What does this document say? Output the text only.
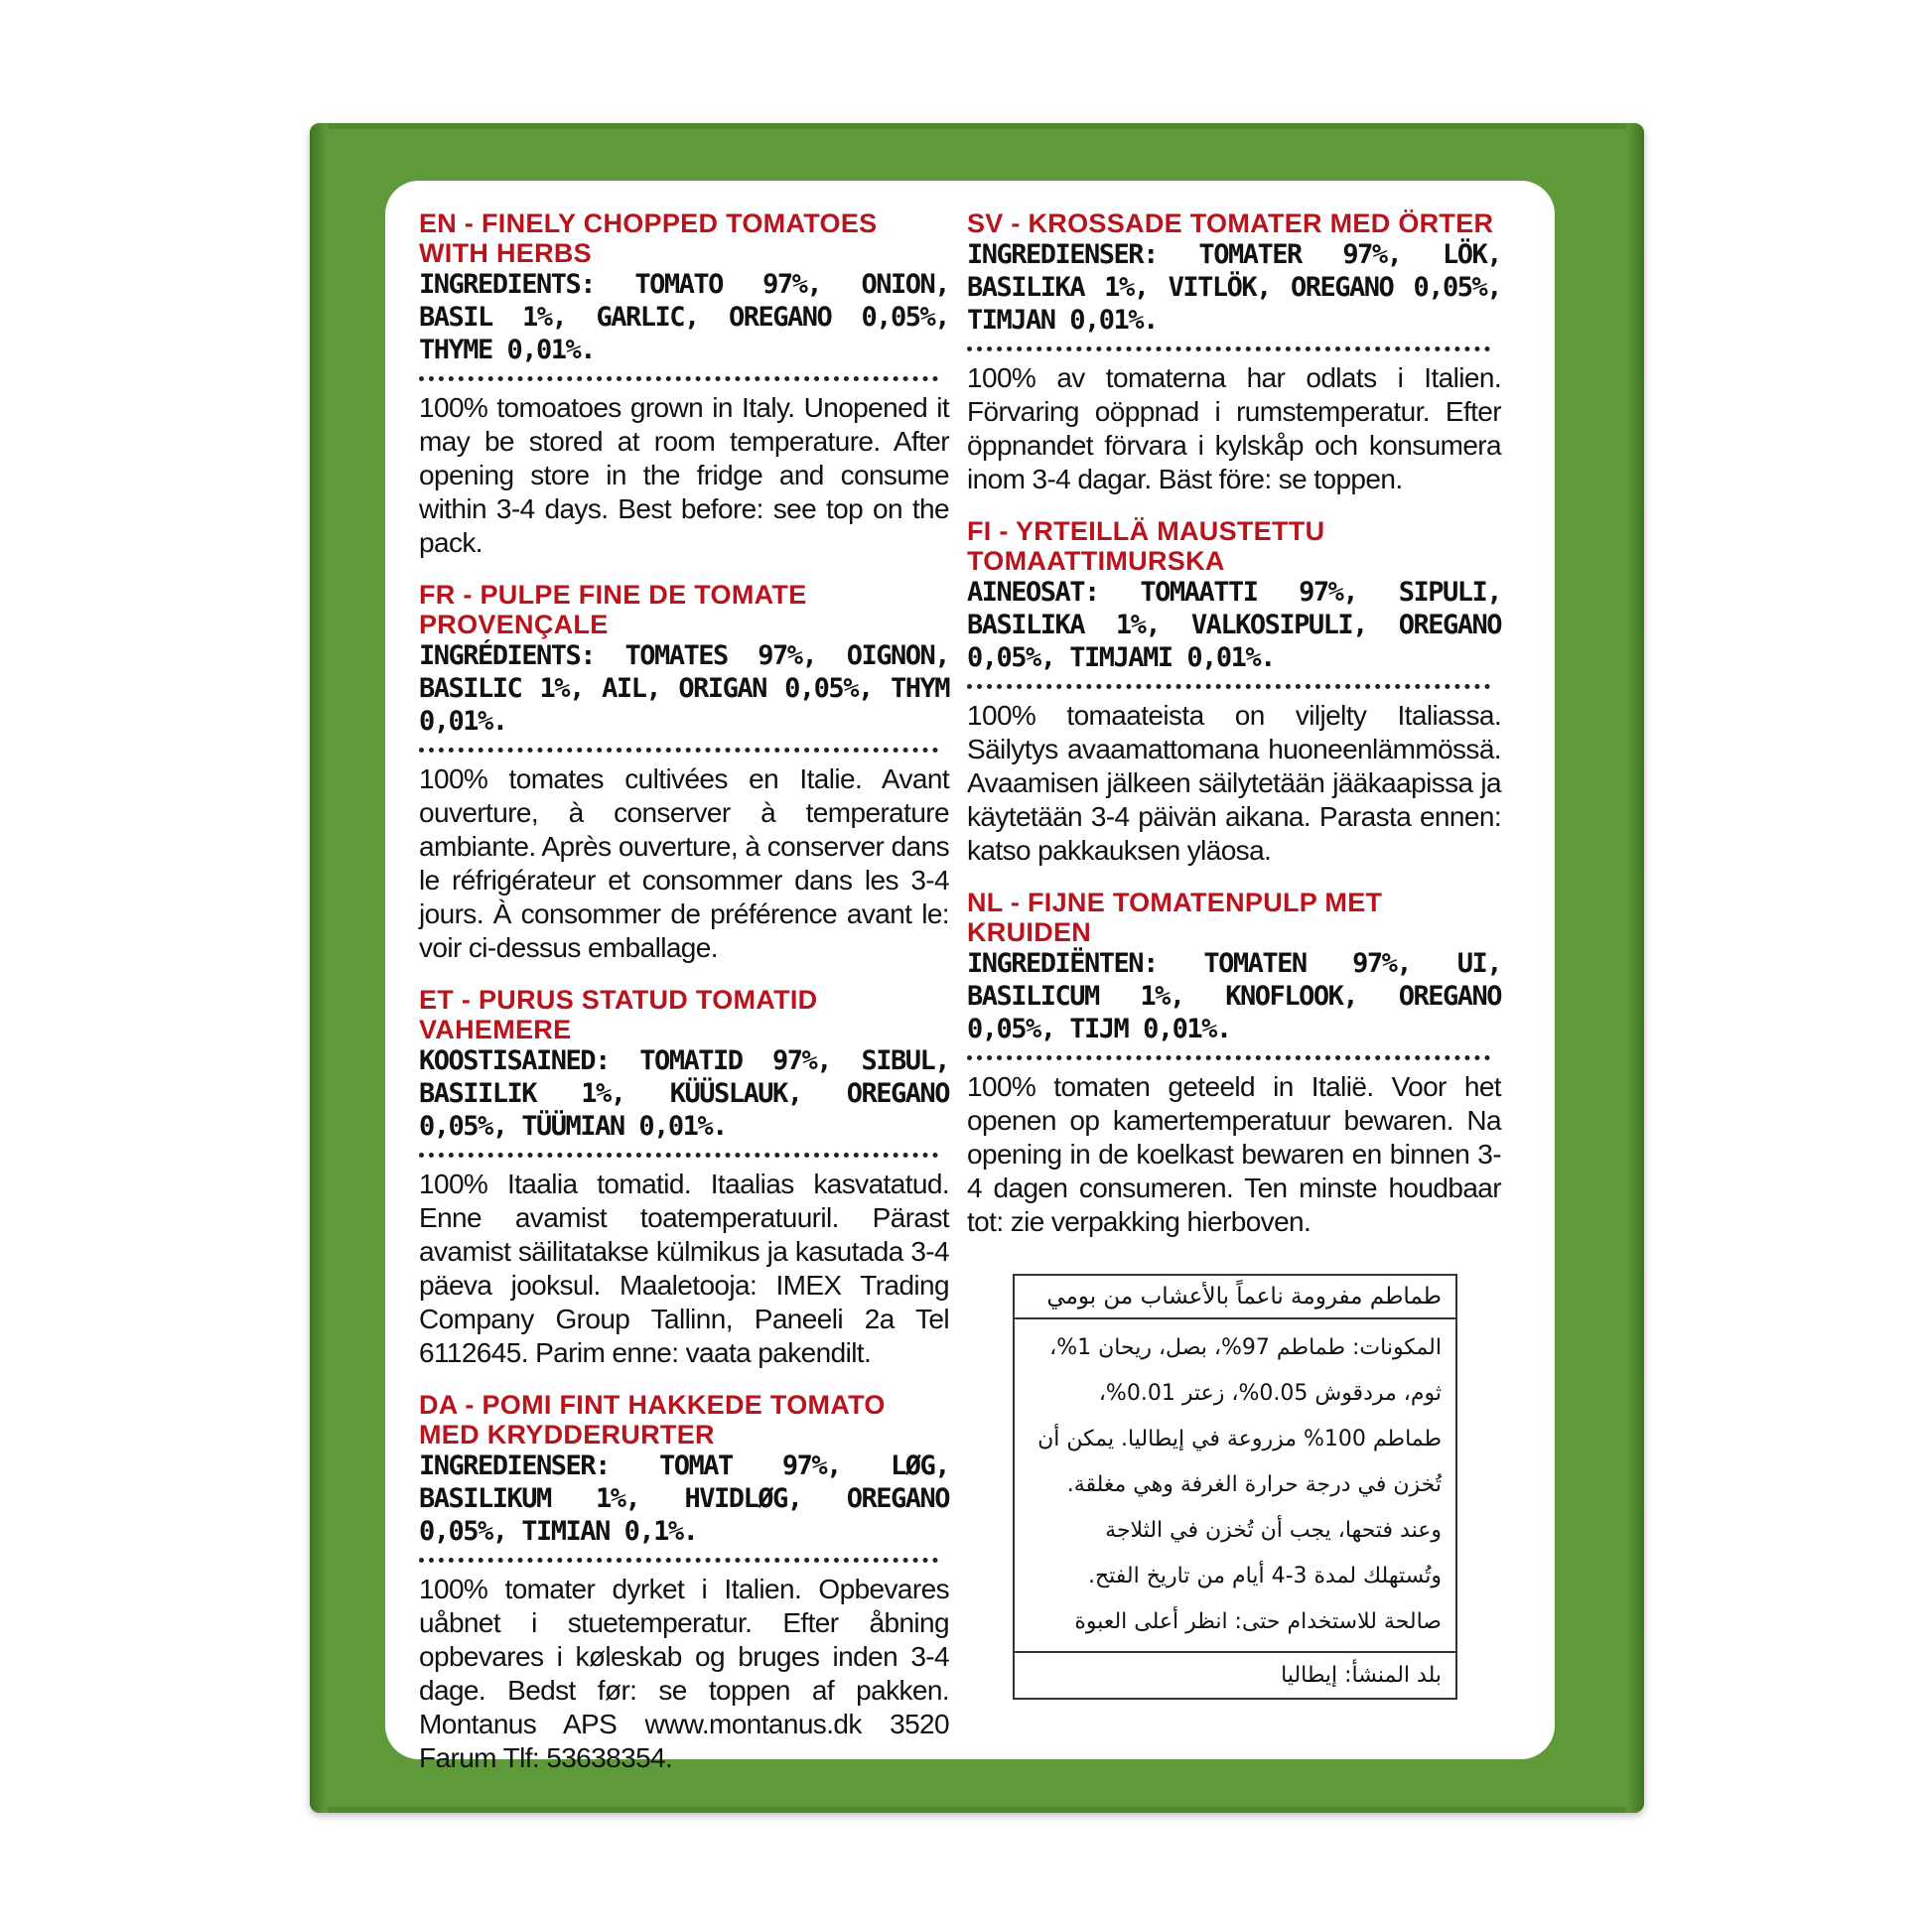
EN - FINELY CHOPPED TOMATOES WITH HERBS
INGREDIENTS: TOMATO 97%, ONION, BASIL 1%, GARLIC, OREGANO 0,05%, THYME 0,01%.
100% tomoatoes grown in Italy. Unopened it may be stored at room temperature. After opening store in the fridge and consume within 3-4 days. Best before: see top on the pack.
FR - PULPE FINE DE TOMATE PROVENÇALE
INGRÉDIENTS: TOMATES 97%, OIGNON, BASILIC 1%, AIL, ORIGAN 0,05%, THYM 0,01%.
100% tomates cultivées en Italie. Avant ouverture, à conserver à temperature ambiante. Après ouverture, à conserver dans le réfrigérateur et consommer dans les 3-4 jours. À consommer de préférence avant le: voir ci-dessus emballage.
ET - PURUS STATUD TOMATID VAHEMERE
KOOSTISAINED: TOMATID 97%, SIBUL, BASIILIK 1%, KÜÜSLAUK, OREGANO 0,05%, TÜÜMIAN 0,01%.
100% Itaalia tomatid. Itaalias kasvatatud. Enne avamist toatemperatuuril. Pärast avamist säilitatakse külmikus ja kasutada 3-4 päeva jooksul. Maaletooja: IMEX Trading Company Group Tallinn, Paneeli 2a Tel 6112645. Parim enne: vaata pakendilt.
DA - POMI FINT HAKKEDE TOMATO MED KRYDDERURTER
INGREDIENSER: TOMAT 97%, LØG, BASILIKUM 1%, HVIDLØG, OREGANO 0,05%, TIMIAN 0,1%.
100% tomater dyrket i Italien. Opbevares uåbnet i stuetemperatur. Efter åbning opbevares i køleskab og bruges inden 3-4 dage. Bedst før: se toppen af pakken. Montanus APS www.montanus.dk 3520 Farum Tlf: 53638354.
SV - KROSSADE TOMATER MED ÖRTER
INGREDIENSER: TOMATER 97%, LÖK, BASILIKA 1%, VITLÖK, OREGANO 0,05%, TIMJAN 0,01%.
100% av tomaterna har odlats i Italien. Förvaring oöppnad i rumstemperatur. Efter öppnandet förvara i kylskåp och konsumera inom 3-4 dagar. Bäst före: se toppen.
FI - YRTEILLÄ MAUSTETTU TOMAATTIMURSKA
AINEOSAT: TOMAATTI 97%, SIPULI, BASILIKA 1%, VALKOSIPULI, OREGANO 0,05%, TIMJAMI 0,01%.
100% tomaateista on viljelty Italiassa. Säilytys avaamattomana huoneenlämmössä. Avaamisen jälkeen säilytetään jääkaapissa ja käytetään 3-4 päivän aikana. Parasta ennen: katso pakkauksen yläosa.
NL - FIJNE TOMATENPULP MET KRUIDEN
INGREDIËNTEN: TOMATEN 97%, UI, BASILICUM 1%, KNOFLOOK, OREGANO 0,05%, TIJM 0,01%.
100% tomaten geteeld in Italië. Voor het openen op kamertemperatuur bewaren. Na opening in de koelkast bewaren en binnen 3-4 dagen consumeren. Ten minste houdbaar tot: zie verpakking hierboven.
طماطم مفرومة ناعماً بالأعشاب من بومي
المكونات: طماطم 97%، بصل، ريحان 1%، ثوم، مردقوش 0.05%، زعتر 0.01%، طماطم 100% مزروعة في إيطاليا. يمكن أن تُخزن في درجة حرارة الغرفة وهي مغلقة. وعند فتحها، يجب أن تُخزن في الثلاجة وتُستهلك لمدة 3-4 أيام من تاريخ الفتح. صالحة للاستخدام حتى: انظر أعلى العبوة
بلد المنشأ: إيطاليا
